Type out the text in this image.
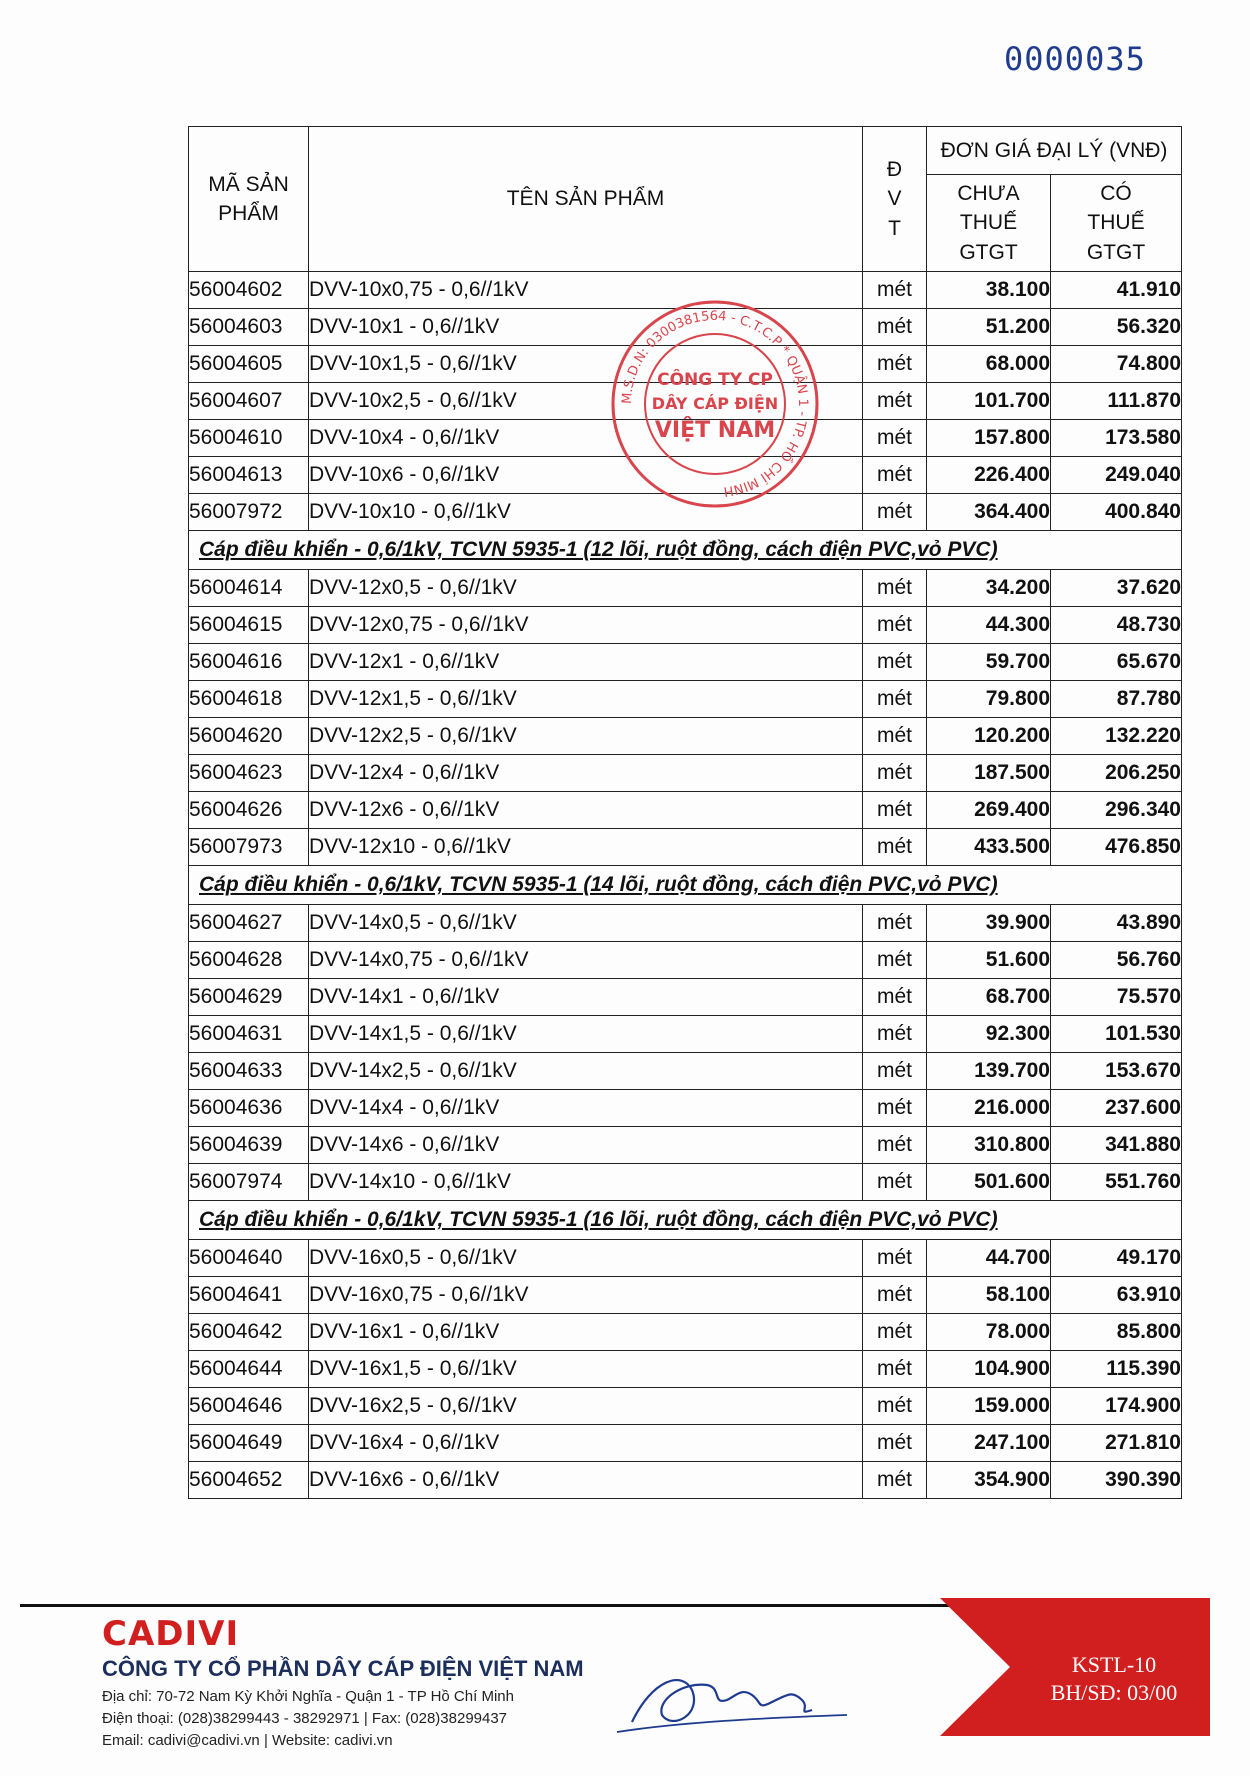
0000035
MÃ SẢN PHẨM	TÊN SẢN PHẨM	Đ V T	ĐƠN GIÁ ĐẠI LÝ (VNĐ)	
			CHƯA THUẾ GTGT	CÓ THUẾ GTGT
56004602	DVV-10x0,75 - 0,6//1kV	mét	38.100	41.910
56004603	DVV-10x1 - 0,6//1kV	mét	51.200	56.320
56004605	DVV-10x1,5 - 0,6//1kV	mét	68.000	74.800
56004607	DVV-10x2,5 - 0,6//1kV	mét	101.700	111.870
56004610	DVV-10x4 - 0,6//1kV	mét	157.800	173.580
56004613	DVV-10x6 - 0,6//1kV	mét	226.400	249.040
56007972	DVV-10x10 - 0,6//1kV	mét	364.400	400.840
Cáp điều khiển - 0,6/1kV, TCVN 5935-1 (12 lõi, ruột đồng, cách điện PVC,vỏ PVC)				
56004614	DVV-12x0,5 - 0,6//1kV	mét	34.200	37.620
56004615	DVV-12x0,75 - 0,6//1kV	mét	44.300	48.730
56004616	DVV-12x1 - 0,6//1kV	mét	59.700	65.670
56004618	DVV-12x1,5 - 0,6//1kV	mét	79.800	87.780
56004620	DVV-12x2,5 - 0,6//1kV	mét	120.200	132.220
56004623	DVV-12x4 - 0,6//1kV	mét	187.500	206.250
56004626	DVV-12x6 - 0,6//1kV	mét	269.400	296.340
56007973	DVV-12x10 - 0,6//1kV	mét	433.500	476.850
Cáp điều khiển - 0,6/1kV, TCVN 5935-1 (14 lõi, ruột đồng, cách điện PVC,vỏ PVC)				
56004627	DVV-14x0,5 - 0,6//1kV	mét	39.900	43.890
56004628	DVV-14x0,75 - 0,6//1kV	mét	51.600	56.760
56004629	DVV-14x1 - 0,6//1kV	mét	68.700	75.570
56004631	DVV-14x1,5 - 0,6//1kV	mét	92.300	101.530
56004633	DVV-14x2,5 - 0,6//1kV	mét	139.700	153.670
56004636	DVV-14x4 - 0,6//1kV	mét	216.000	237.600
56004639	DVV-14x6 - 0,6//1kV	mét	310.800	341.880
56007974	DVV-14x10 - 0,6//1kV	mét	501.600	551.760
Cáp điều khiển - 0,6/1kV, TCVN 5935-1 (16 lõi, ruột đồng, cách điện PVC,vỏ PVC)				
56004640	DVV-16x0,5 - 0,6//1kV	mét	44.700	49.170
56004641	DVV-16x0,75 - 0,6//1kV	mét	58.100	63.910
56004642	DVV-16x1 - 0,6//1kV	mét	78.000	85.800
56004644	DVV-16x1,5 - 0,6//1kV	mét	104.900	115.390
56004646	DVV-16x2,5 - 0,6//1kV	mét	159.000	174.900
56004649	DVV-16x4 - 0,6//1kV	mét	247.100	271.810
56004652	DVV-16x6 - 0,6//1kV	mét	354.900	390.390
M.S.D.N: 0300381564 - C.T.C.P * QUẬN 1 - TP. HỒ CHÍ MINH
CÔNG TY CP
DÂY CÁP ĐIỆN
VIỆT NAM
CADIVI
CÔNG TY CỔ PHẦN DÂY CÁP ĐIỆN VIỆT NAM
Địa chỉ: 70-72 Nam Kỳ Khởi Nghĩa - Quận 1 - TP Hồ Chí Minh
Điện thoại: (028)38299443 - 38292971 | Fax: (028)38299437
Email: cadivi@cadivi.vn | Website: cadivi.vn
KSTL-10
BH/SĐ: 03/00
